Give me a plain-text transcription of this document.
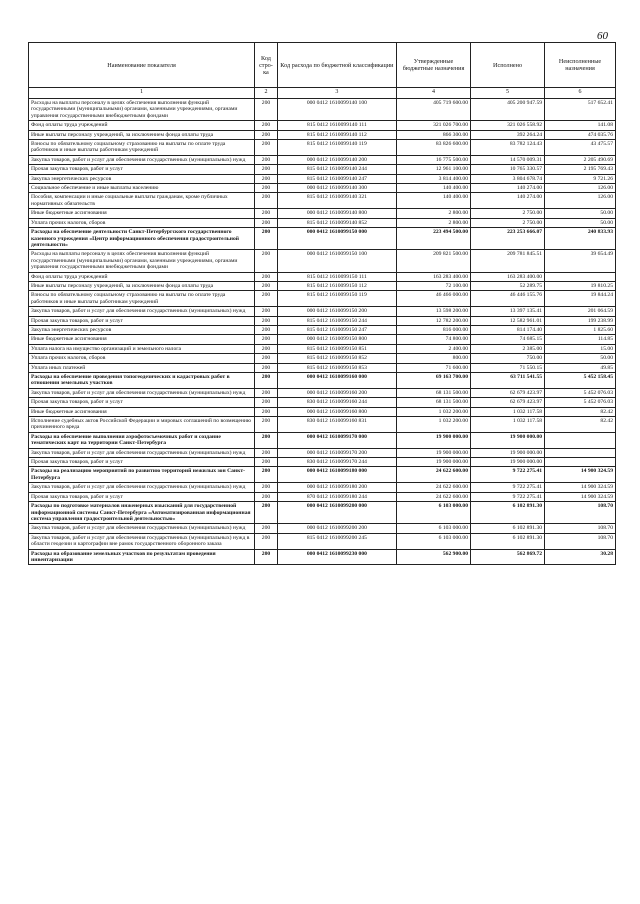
60
Наименование показателя	Код стро-ка	Код расхода по бюджетной классификации	Утвержденные бюджетные назначения	Исполнено	Неисполненные назначения
1	2	3	4	5	6
Расходы на выплаты персоналу в целях обеспечения выполнения функций государственными (муниципальными) органами, казенными учреждениями, органами управления государственными внебюджетными фондами	200	000 0412 1610099140 100	405 719 600.00	405 200 947.59	517 652.41
Фонд оплаты труда учреждений	200	815 0412 1610099140 111	321 026 700.00	321 026 558.92	141.08
Иные выплаты персоналу учреждений, за исключением фонда оплаты труда	200	815 0412 1610099140 112	866 300.00	392 264.24	474 035.76
Взносы по обязательному социальному страхованию на выплаты по оплате труда работников и иные выплаты работникам учреждений	200	815 0412 1610099140 119	83 826 600.00	83 782 124.43	43 475.57
Закупка товаров, работ и услуг для обеспечения государственных (муниципальных) нужд	200	000 0412 1610099140 200	16 775 500.00	14 570 009.31	2 205 490.69
Прочая закупка товаров, работ и услуг	200	815 0412 1610099140 244	12 961 100.00	10 765 330.57	2 195 769.43
Закупка энергетических ресурсов	200	815 0412 1610099140 247	3 814 400.00	3 804 678.74	9 721.26
Социальное обеспечение и иные выплаты населению	200	000 0412 1610099140 300	140 400.00	140 274.00	126.00
Пособия, компенсации и иные социальные выплаты гражданам, кроме публичных нормативных обязательств	200	815 0412 1610099140 321	140 400.00	140 274.00	126.00
Иные бюджетные ассигнования	200	000 0412 1610099140 800	2 800.00	2 750.00	50.00
Уплата прочих налогов, сборов	200	815 0412 1610099140 852	2 800.00	2 750.00	50.00
Расходы на обеспечение деятельности Санкт-Петербургского государственного казенного учреждения «Центр информационного обеспечения градостроительной деятельности»	200	000 0412 1610099150 000	223 494 500.00	223 253 666.07	240 833.93
Расходы на выплаты персоналу в целях обеспечения выполнения функций государственными (муниципальными) органами, казенными учреждениями, органами управления государственными внебюджетными фондами	200	000 0412 1610099150 100	209 821 500.00	209 781 845.51	39 654.49
Фонд оплаты труда учреждений	200	815 0412 1610099150 111	163 283 400.00	163 283 400.00	
Иные выплаты персоналу учреждений, за исключением фонда оплаты труда	200	815 0412 1610099150 112	72 100.00	52 289.75	19 810.25
Взносы по обязательному социальному страхованию на выплаты по оплате труда работников и иные выплаты работникам учреждений	200	815 0412 1610099150 119	46 466 000.00	46 446 155.76	19 844.24
Закупка товаров, работ и услуг для обеспечения государственных (муниципальных) нужд	200	000 0412 1610099150 200	13 598 200.00	13 397 135.41	201 064.59
Прочая закупка товаров, работ и услуг	200	815 0412 1610099150 244	12 782 200.00	12 582 961.01	199 238.99
Закупка энергетических ресурсов	200	815 0412 1610099150 247	816 000.00	814 174.40	1 825.60
Иные бюджетные ассигнования	200	000 0412 1610099150 800	74 800.00	74 685.15	114.85
Уплата налога на имущество организаций и земельного налога	200	815 0412 1610099150 851	2 400.00	2 385.00	15.00
Уплата прочих налогов, сборов	200	815 0412 1610099150 852	800.00	750.00	50.00
Уплата иных платежей	200	815 0412 1610099150 853	71 600.00	71 550.15	49.85
Расходы на обеспечение проведения топогеодезических и кадастровых работ в отношении земельных участков	200	000 0412 1610099160 000	69 163 700.00	63 711 541.55	5 452 158.45
Закупка товаров, работ и услуг для обеспечения государственных (муниципальных) нужд	200	000 0412 1610099160 200	68 131 500.00	62 679 423.97	5 452 076.03
Прочая закупка товаров, работ и услуг	200	830 0412 1610099160 244	68 131 500.00	62 679 423.97	5 452 076.03
Иные бюджетные ассигнования	200	000 0412 1610099160 800	1 032 200.00	1 032 117.58	82.42
Исполнение судебных актов Российской Федерации и мировых соглашений по возмещению причиненного вреда	200	830 0412 1610099160 831	1 032 200.00	1 032 117.58	82.42
Расходы на обеспечение выполнения аэрофотосъемочных работ и создание тематических карт на территории Санкт-Петербурга	200	000 0412 1610099170 000	19 900 000.00	19 900 000.00	
Закупка товаров, работ и услуг для обеспечения государственных (муниципальных) нужд	200	000 0412 1610099170 200	19 900 000.00	19 900 000.00	
Прочая закупка товаров, работ и услуг	200	830 0412 1610099170 244	19 900 000.00	19 900 000.00	
Расходы на реализацию мероприятий по развитию территорий нежилых зон Санкт-Петербурга	200	000 0412 1610099180 000	24 622 600.00	9 722 275.41	14 900 324.59
Закупка товаров, работ и услуг для обеспечения государственных (муниципальных) нужд	200	000 0412 1610099180 200	24 622 600.00	9 722 275.41	14 900 324.59
Прочая закупка товаров, работ и услуг	200	870 0412 1610099180 244	24 622 600.00	9 722 275.41	14 900 324.59
Расходы по подготовке материалов инженерных изысканий для государственной информационной системы Санкт-Петербурга «Автоматизированная информационная система управления градостроительной деятельностью»	200	000 0412 1610099200 000	6 103 000.00	6 102 891.30	108.70
Закупка товаров, работ и услуг для обеспечения государственных (муниципальных) нужд	200	000 0412 1610099200 200	6 103 000.00	6 102 891.30	108.70
Закупка товаров, работ и услуг для обеспечения государственных (муниципальных) нужд в области геодезии и картографии вне рамок государственного оборонного заказа	200	815 0412 1610099200 245	6 103 000.00	6 102 891.30	108.70
Расходы на образование земельных участков по результатам проведения инвентаризации	200	000 0412 1610099230 000	562 900.00	562 869.72	30.28
